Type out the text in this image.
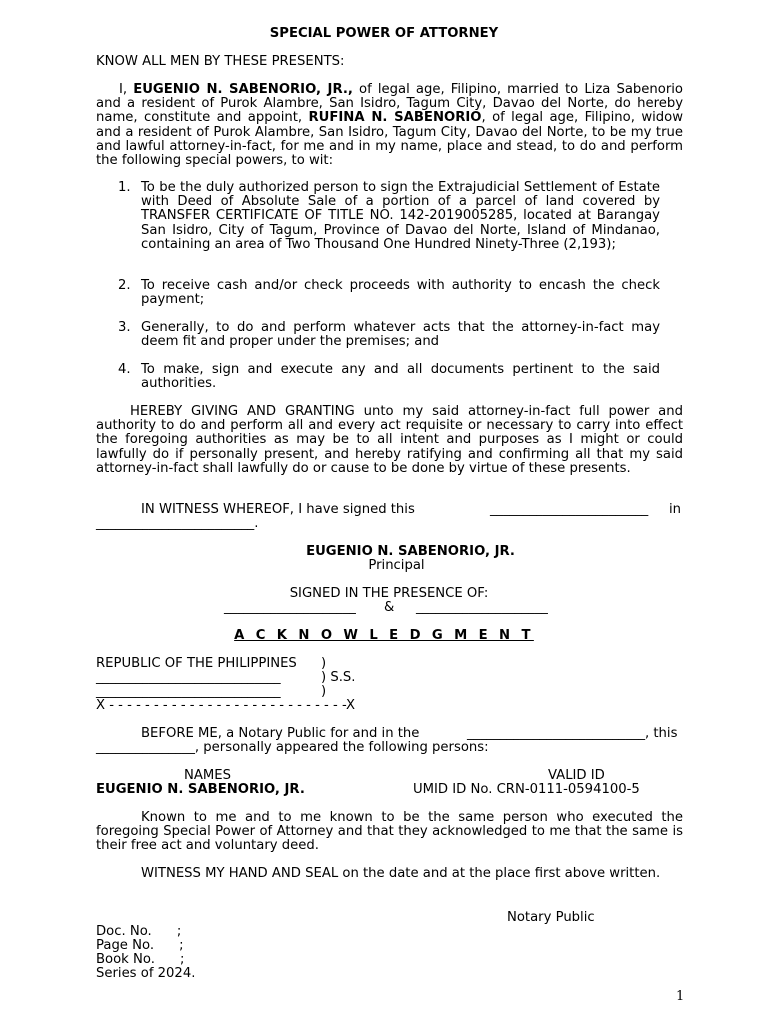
SPECIAL POWER OF ATTORNEY
KNOW ALL MEN BY THESE PRESENTS:

I, EUGENIO N. SABENORIO, JR., of legal age, Filipino, married to Liza Sabenorio and a resident of Purok Alambre, San Isidro, Tagum City, Davao del Norte, do hereby name, constitute and appoint, RUFINA N. SABENORIO, of legal age, Filipino, widow and a resident of Purok Alambre, San Isidro, Tagum City, Davao del Norte, to be my true and lawful attorney-in-fact, for me and in my name, place and stead, to do and perform the following special powers, to wit:

1. To be the duly authorized person to sign the Extrajudicial Settlement of Estate with Deed of Absolute Sale of a portion of a parcel of land covered by TRANSFER CERTIFICATE OF TITLE NO. 142-2019005285, located at Barangay San Isidro, City of Tagum, Province of Davao del Norte, Island of Mindanao, containing an area of Two Thousand One Hundred Ninety-Three (2,193);
2. To receive cash and/or check proceeds with authority to encash the check payment;
3. Generally, to do and perform whatever acts that the attorney-in-fact may deem fit and proper under the premises; and
4. To make, sign and execute any and all documents pertinent to the said authorities.

HEREBY GIVING AND GRANTING unto my said attorney-in-fact full power and authority to do and perform all and every act requisite or necessary to carry into effect the foregoing authorities as may be to all intent and purposes as I might or could lawfully do if personally present, and hereby ratifying and confirming all that my said attorney-in-fact shall lawfully do or cause to be done by virtue of these presents.

IN WITNESS WHEREOF, I have signed this	________________________ in
________________________.
EUGENIO N. SABENORIO, JR.
Principal
SIGNED IN THE PRESENCE OF:
____________________ & ____________________
A C K N O W L E D G M E N T
REPUBLIC OF THE PHILIPPINES )
____________________________	) S.S.
____________________________	)
X - - - - - - - - - - - - - - - - - - - - - - - - - - -X
BEFORE ME, a Notary Public for and in the	___________________________ , this
_______________, personally appeared the following persons:
NAMES	VALID ID
EUGENIO N. SABENORIO, JR.	UMID ID No. CRN-0111-0594100-5

Known to me and to me known to be the same person who executed the foregoing Special Power of Attorney and that they acknowledged to me that the same is their free act and voluntary deed.

WITNESS MY HAND AND SEAL on the date and at the place first above written.

Notary Public
Doc. No.      ;
Page No.      ;
Book No.      ;
Series of 2024.
1
